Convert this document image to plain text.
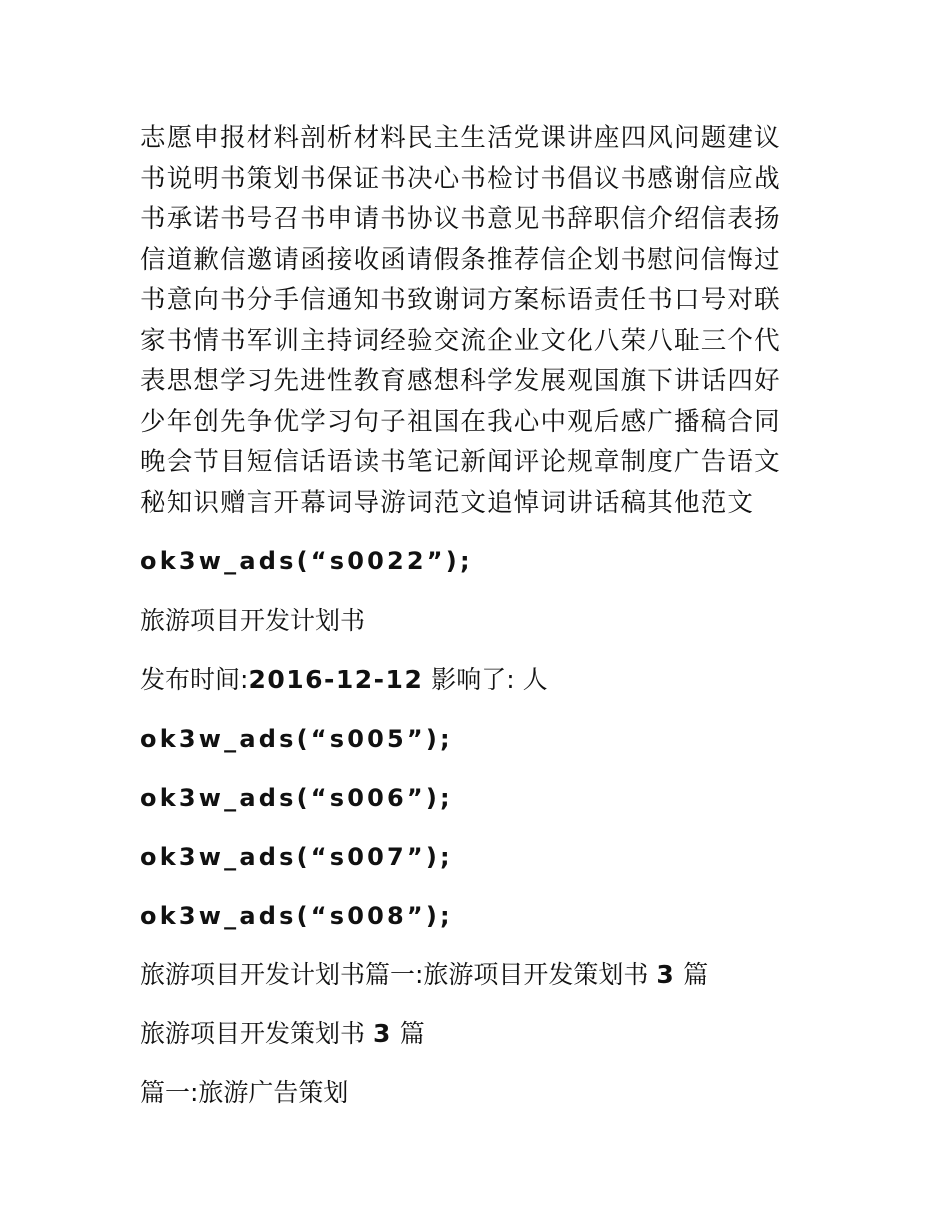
志愿申报材料剖析材料民主生活党课讲座四风问题建议
书说明书策划书保证书决心书检讨书倡议书感谢信应战
书承诺书号召书申请书协议书意见书辞职信介绍信表扬
信道歉信邀请函接收函请假条推荐信企划书慰问信悔过
书意向书分手信通知书致谢词方案标语责任书口号对联
家书情书军训主持词经验交流企业文化八荣八耻三个代
表思想学习先进性教育感想科学发展观国旗下讲话四好
少年创先争优学习句子祖国在我心中观后感广播稿合同
晚会节目短信话语读书笔记新闻评论规章制度广告语文
秘知识赠言开幕词导游词范文追悼词讲话稿其他范文

ok3w_ads(“s0022”);

旅游项目开发计划书

发布时间:2016-12-12 影响了: 人

ok3w_ads(“s005”);

ok3w_ads(“s006”);

ok3w_ads(“s007”);

ok3w_ads(“s008”);

旅游项目开发计划书篇一:旅游项目开发策划书 3 篇

旅游项目开发策划书 3 篇

篇一:旅游广告策划
